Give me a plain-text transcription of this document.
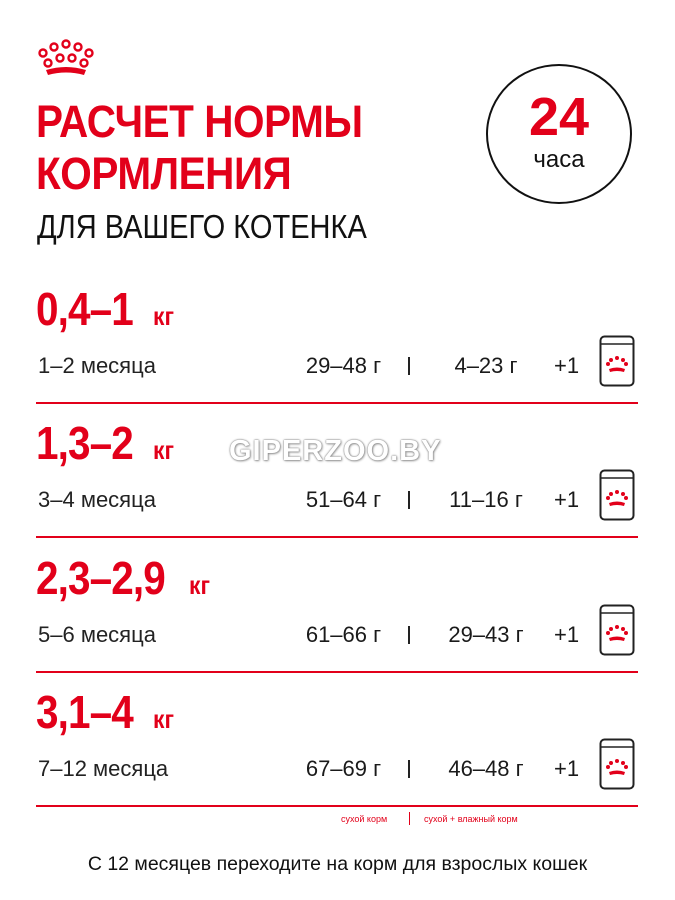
РАСЧЕТ НОРМЫ
КОРМЛЕНИЯ
ДЛЯ ВАШЕГО КОТЕНКА
24
часа
0,4–1 кг
1–2 месяца	29–48 г	4–23 г	+1
1,3–2 кг
3–4 месяца	51–64 г	11–16 г	+1
2,3–2,9 кг
5–6 месяца	61–66 г	29–43 г	+1
3,1–4 кг
7–12 месяца	67–69 г	46–48 г	+1
сухой корм	сухой + влажный корм
С 12 месяцев переходите на корм для взрослых кошек
GIPERZOO.BY
